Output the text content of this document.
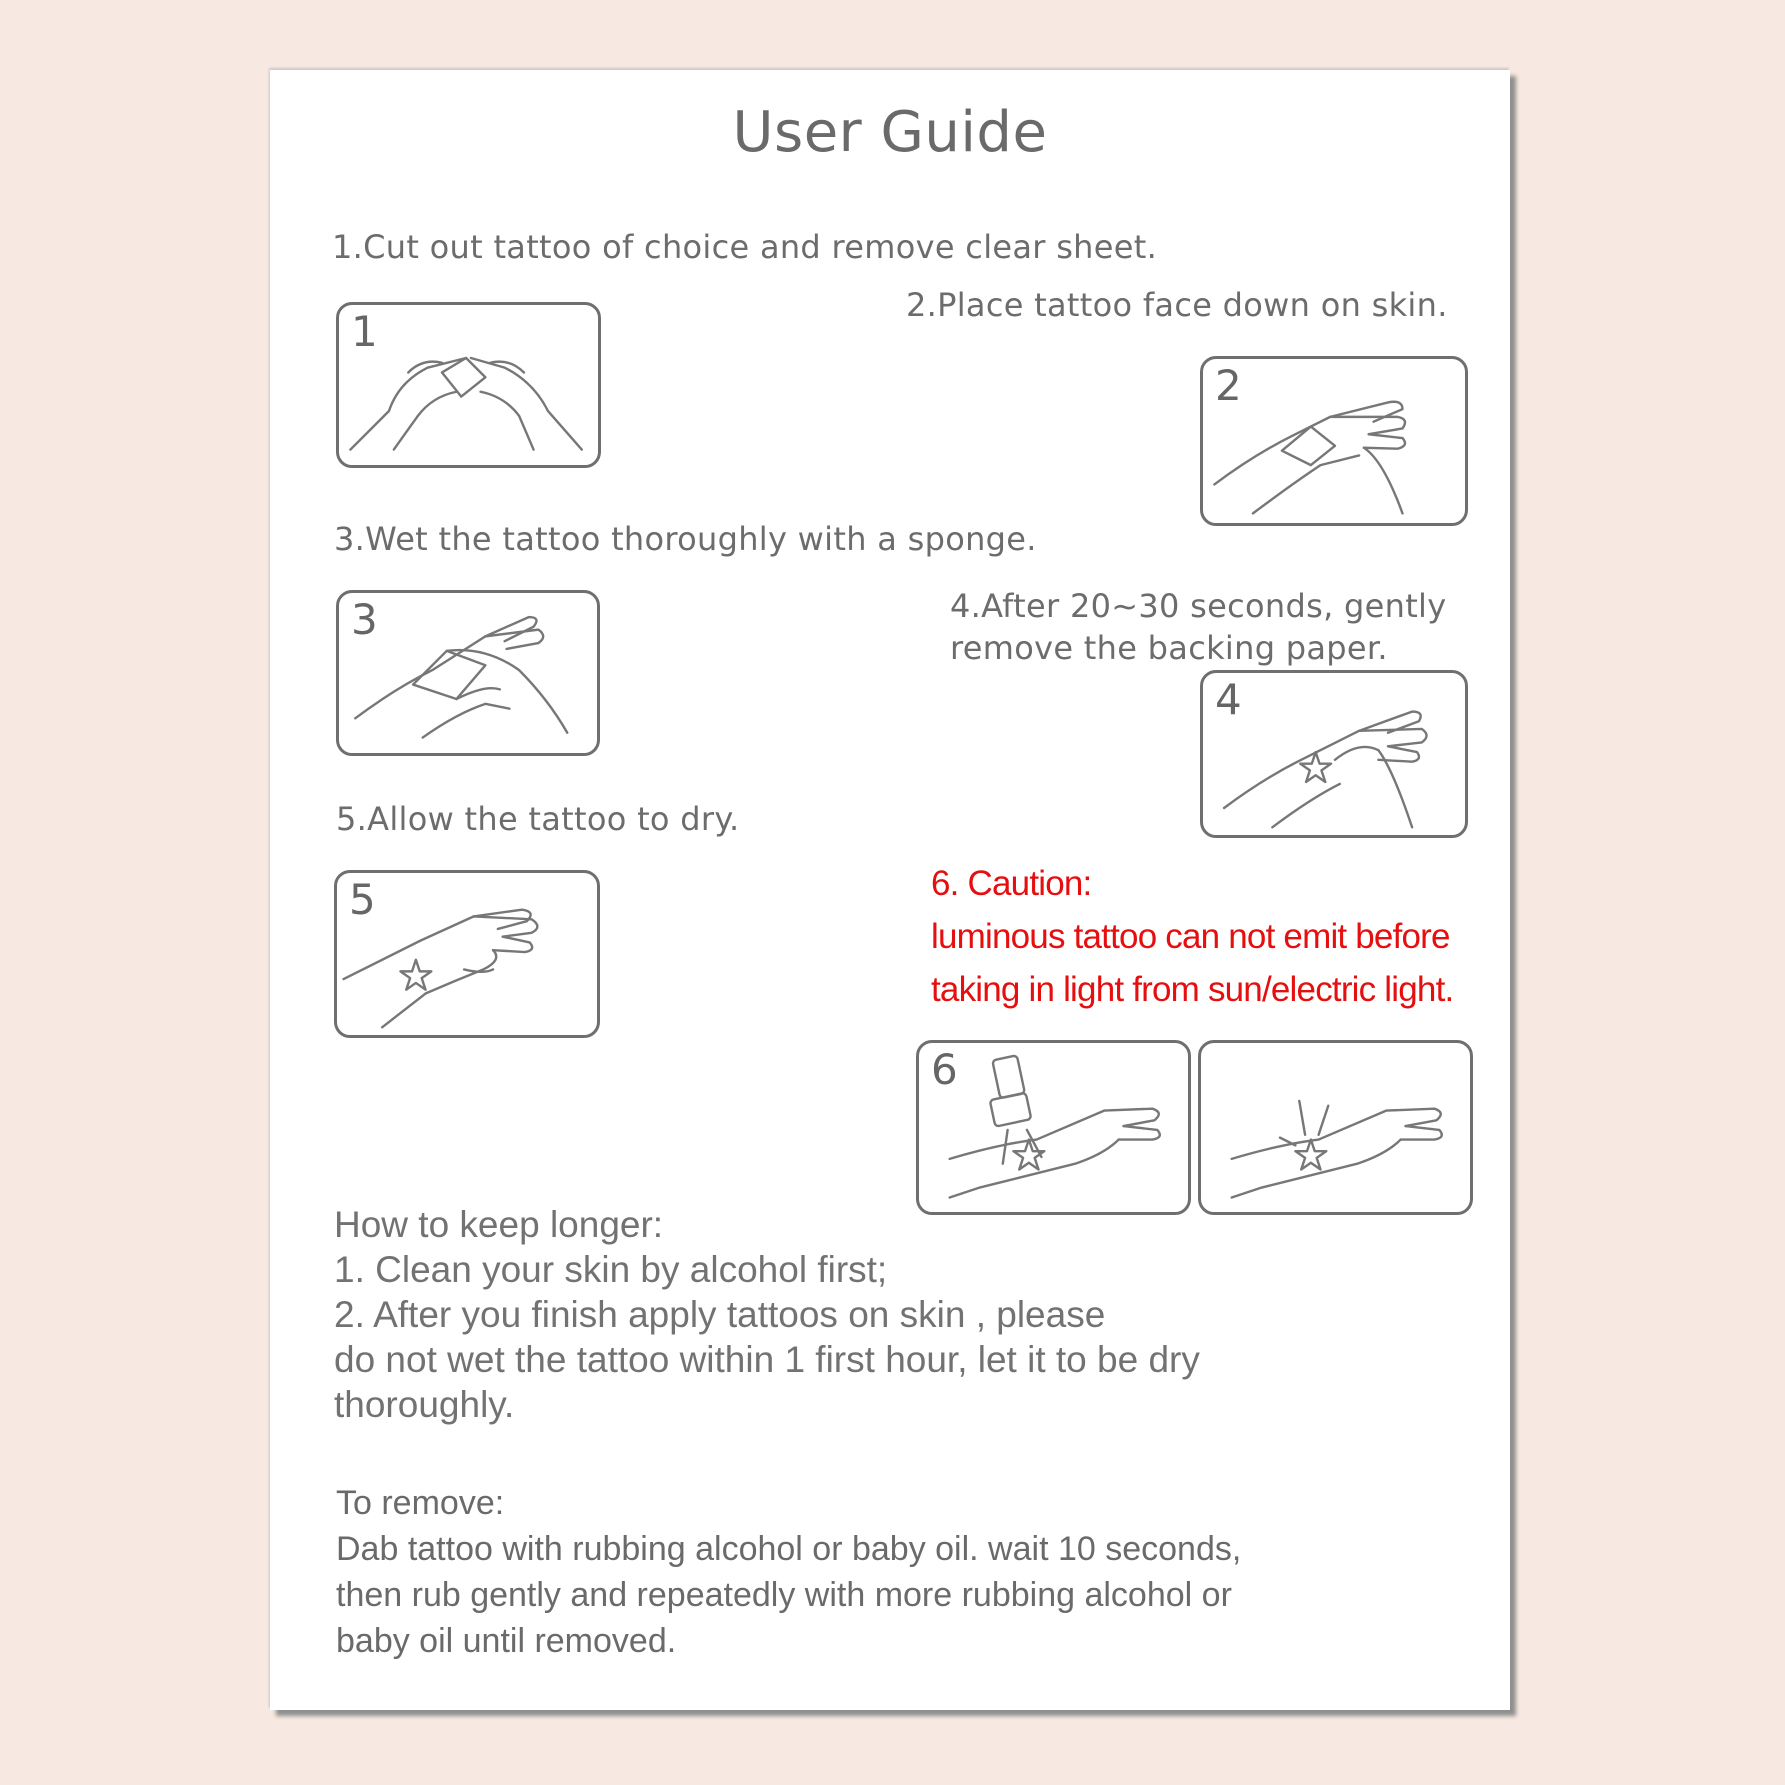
User Guide
1.Cut out tattoo of choice and remove clear sheet.
1
2.Place tattoo face down on skin.
2
3.Wet the tattoo thoroughly with a sponge.
3	4.After 20~30 seconds, gently
remove the backing paper.
4
5.Allow the tattoo to dry.
5	6. Caution:
luminous tattoo can not emit before
taking in light from sun/electric light.
6
How to keep longer:
1. Clean your skin by alcohol first;
2. After you finish apply tattoos on skin , please
do not wet the tattoo within 1 first hour, let it to be dry
thoroughly.
To remove:
Dab tattoo with rubbing alcohol or baby oil. wait 10 seconds,
then rub gently and repeatedly with more rubbing alcohol or
baby oil until removed.
